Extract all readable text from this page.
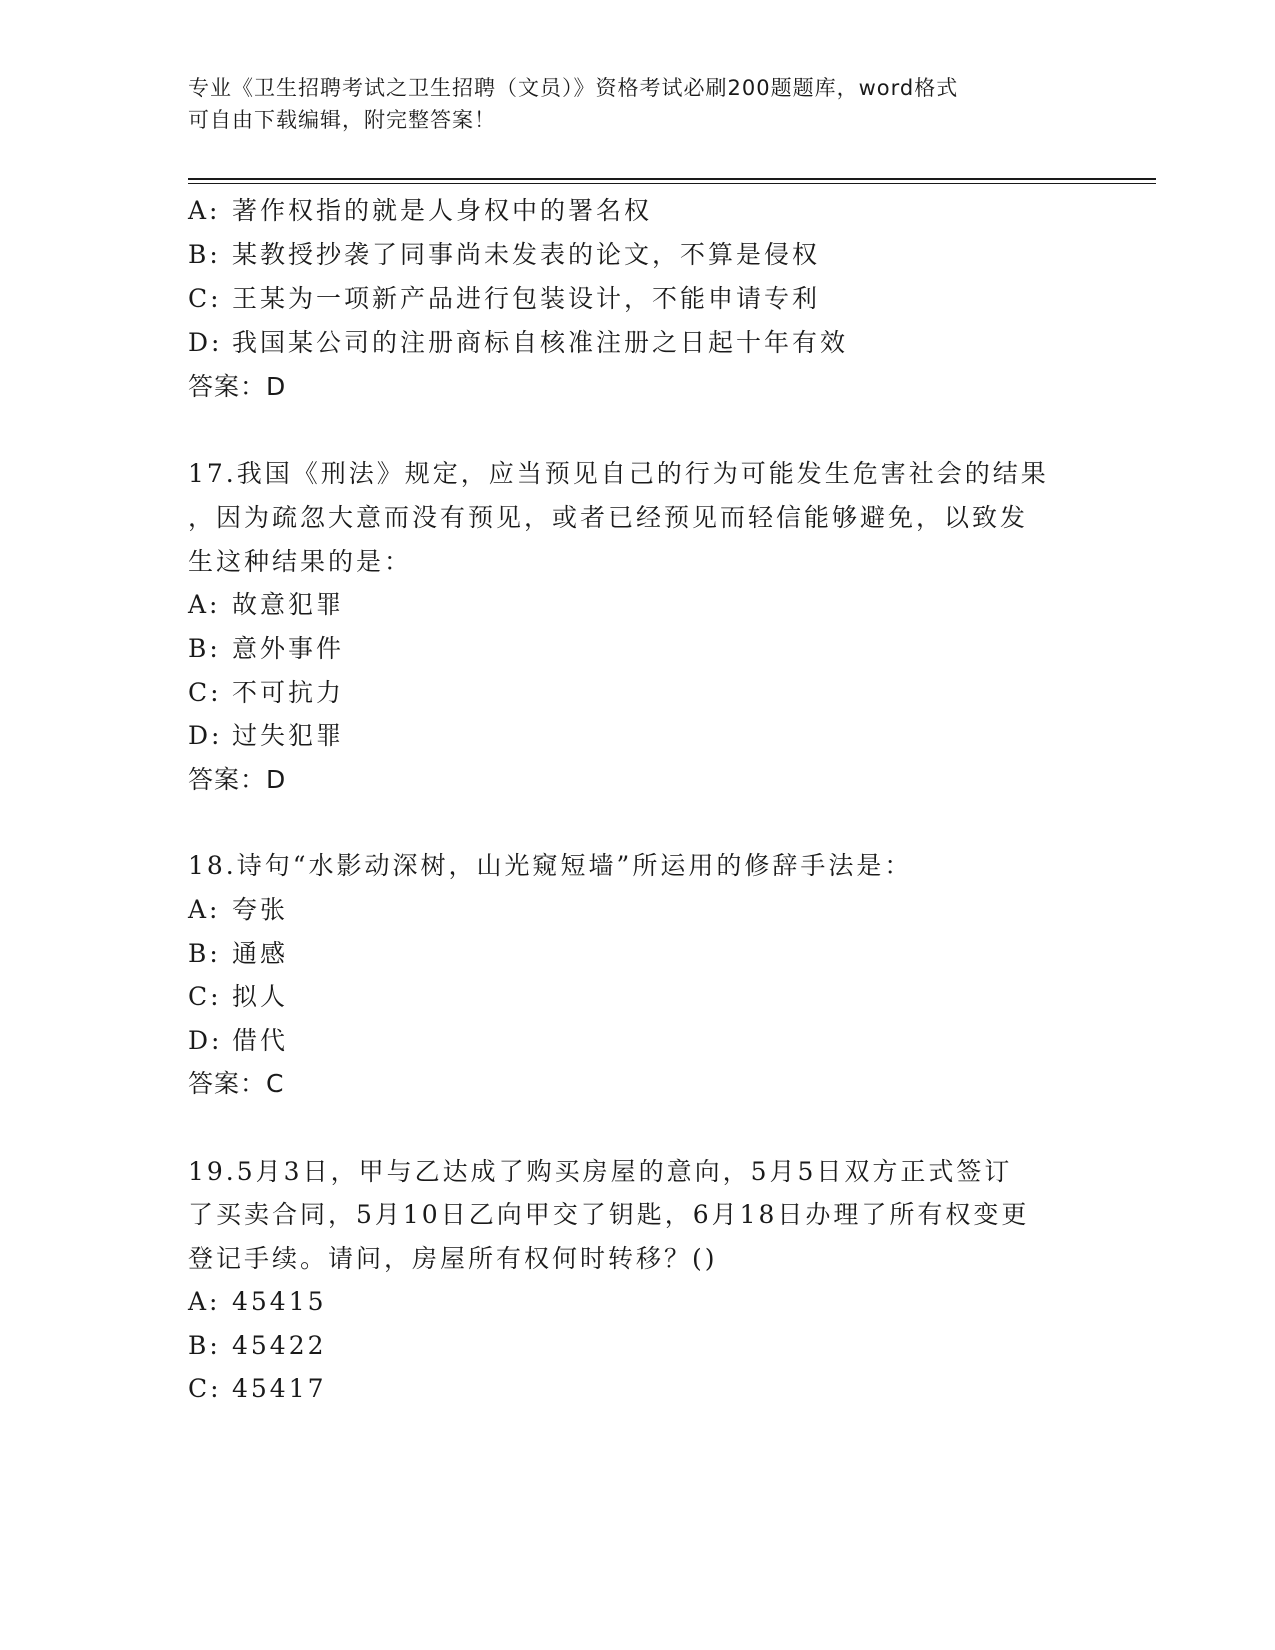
专业《卫生招聘考试之卫生招聘（文员）》资格考试必刷200题题库，word格式
可自由下载编辑，附完整答案！
A: 著作权指的就是人身权中的署名权
B: 某教授抄袭了同事尚未发表的论文，不算是侵权
C: 王某为一项新产品进行包装设计，不能申请专利
D: 我国某公司的注册商标自核准注册之日起十年有效
答案：D
17.我国《刑法》规定，应当预见自己的行为可能发生危害社会的结果
，因为疏忽大意而没有预见，或者已经预见而轻信能够避免，以致发
生这种结果的是：
A: 故意犯罪
B: 意外事件
C: 不可抗力
D: 过失犯罪
答案：D
18.诗句“水影动深树，山光窥短墙”所运用的修辞手法是：
A: 夸张
B: 通感
C: 拟人
D: 借代
答案：C
19.5月3日，甲与乙达成了购买房屋的意向，5月5日双方正式签订
了买卖合同，5月10日乙向甲交了钥匙，6月18日办理了所有权变更
登记手续。请问，房屋所有权何时转移？()
A: 45415
B: 45422
C: 45417
